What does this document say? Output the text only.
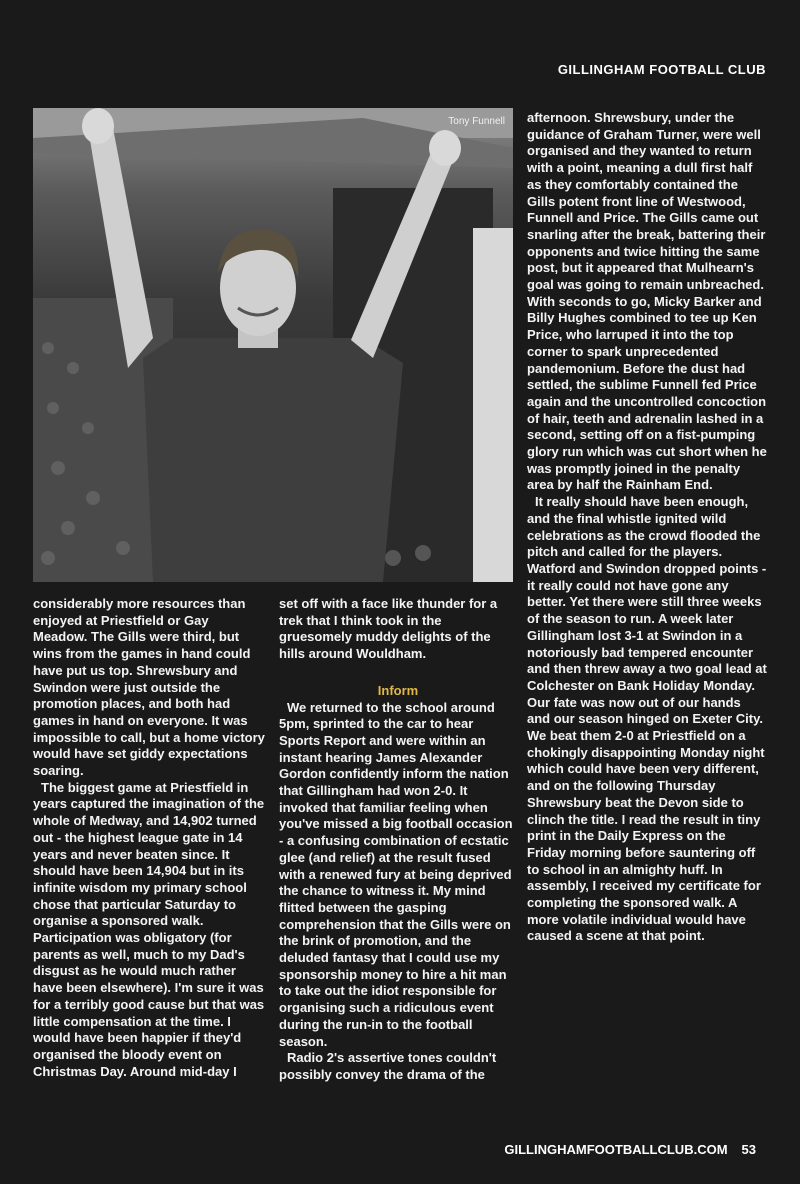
GILLINGHAM FOOTBALL CLUB
Tony Funnell

considerably more resources than enjoyed at Priestfield or Gay Meadow. The Gills were third, but wins from the games in hand could have put us top. Shrewsbury and Swindon were just outside the promotion places, and both had games in hand on everyone. It was impossible to call, but a home victory would have set giddy expectations soaring.

The biggest game at Priestfield in years captured the imagination of the whole of Medway, and 14,902 turned out - the highest league gate in 14 years and never beaten since. It should have been 14,904 but in its infinite wisdom my primary school chose that particular Saturday to organise a sponsored walk. Participation was obligatory (for parents as well, much to my Dad's disgust as he would much rather have been elsewhere). I'm sure it was for a terribly good cause but that was little compensation at the time. I would have been happier if they'd organised the bloody event on Christmas Day. Around mid-day I

set off with a face like thunder for a trek that I think took in the gruesomely muddy delights of the hills around Wouldham.

Inform

We returned to the school around 5pm, sprinted to the car to hear Sports Report and were within an instant hearing James Alexander Gordon confidently inform the nation that Gillingham had won 2-0. It invoked that familiar feeling when you've missed a big football occasion - a confusing combination of ecstatic glee (and relief) at the result fused with a renewed fury at being deprived the chance to witness it. My mind flitted between the gasping comprehension that the Gills were on the brink of promotion, and the deluded fantasy that I could use my sponsorship money to hire a hit man to take out the idiot responsible for organising such a ridiculous event during the run-in to the football season.

Radio 2's assertive tones couldn't possibly convey the drama of the

afternoon. Shrewsbury, under the guidance of Graham Turner, were well organised and they wanted to return with a point, meaning a dull first half as they comfortably contained the Gills potent front line of Westwood, Funnell and Price. The Gills came out snarling after the break, battering their opponents and twice hitting the same post, but it appeared that Mulhearn's goal was going to remain unbreached. With seconds to go, Micky Barker and Billy Hughes combined to tee up Ken Price, who larruped it into the top corner to spark unprecedented pandemonium. Before the dust had settled, the sublime Funnell fed Price again and the uncontrolled concoction of hair, teeth and adrenalin lashed in a second, setting off on a fist-pumping glory run which was cut short when he was promptly joined in the penalty area by half the Rainham End.

It really should have been enough, and the final whistle ignited wild celebrations as the crowd flooded the pitch and called for the players. Watford and Swindon dropped points - it really could not have gone any better. Yet there were still three weeks of the season to run. A week later Gillingham lost 3-1 at Swindon in a notoriously bad tempered encounter and then threw away a two goal lead at Colchester on Bank Holiday Monday. Our fate was now out of our hands and our season hinged on Exeter City. We beat them 2-0 at Priestfield on a chokingly disappointing Monday night which could have been very different, and on the following Thursday Shrewsbury beat the Devon side to clinch the title. I read the result in tiny print in the Daily Express on the Friday morning before sauntering off to school in an almighty huff. In assembly, I received my certificate for completing the sponsored walk. A more volatile individual would have caused a scene at that point.

GILLINGHAMFOOTBALLCLUB.COM 53
